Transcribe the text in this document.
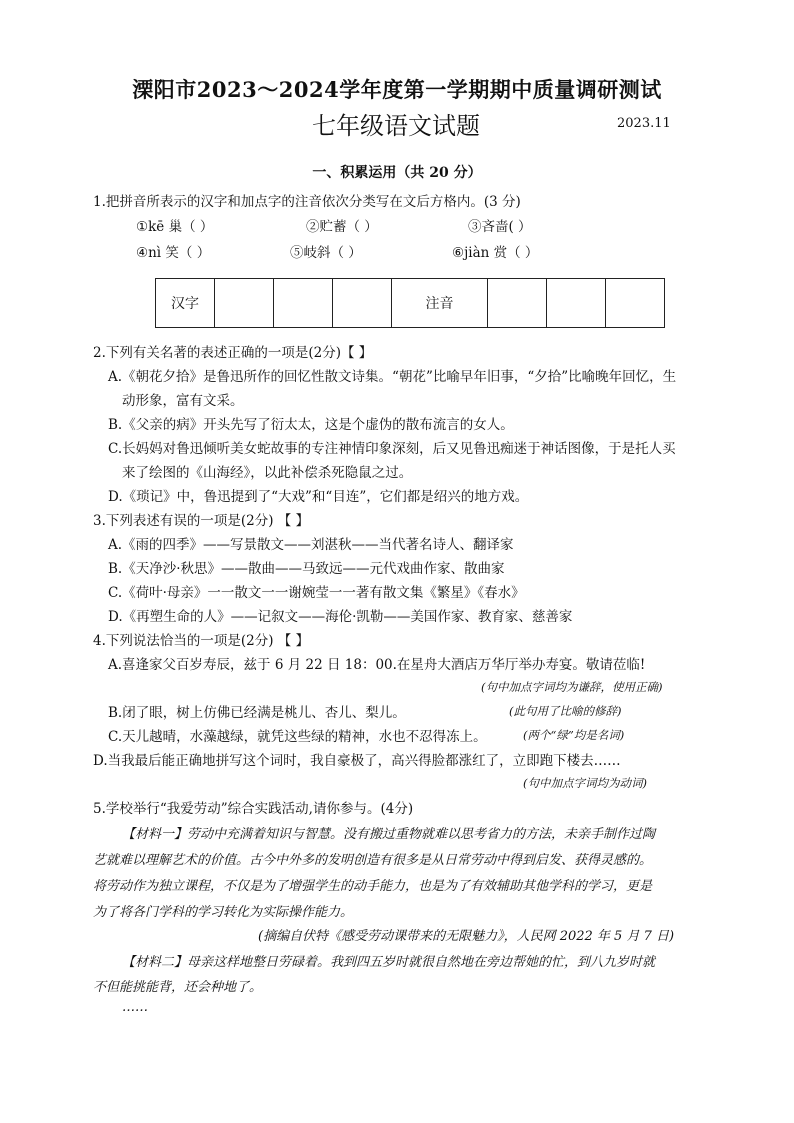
溧阳市2023～2024学年度第一学期期中质量调研测试
七年级语文试题	2023.11
一、积累运用（共 20 分）
1.把拼音所表示的汉字和加点字的注音依次分类写在文后方格内。(3 分)
①kē 巢（ ）	②贮蓄（ ）	③吝啬( ）
④nì 笑（ ）	⑤岐斜（ ）	⑥jiàn 赏（ ）
汉字				注音			
2.下列有关名著的表述正确的一项是(2分)【 】
A.《朝花夕拾》是鲁迅所作的回忆性散文诗集。“朝花”比喻早年旧事，“夕拾”比喻晚年回忆，生
动形象，富有文采。
B.《父亲的病》开头先写了衍太太，这是个虚伪的散布流言的女人。
C.长妈妈对鲁迅倾听美女蛇故事的专注神情印象深刻，后又见鲁迅痴迷于神话图像，于是托人买
来了绘图的《山海经》，以此补偿杀死隐鼠之过。
D.《琐记》中，鲁迅提到了“大戏”和“目连”，它们都是绍兴的地方戏。
3.下列表述有误的一项是(2分) 【 】
A.《雨的四季》——写景散文——刘湛秋——当代著名诗人、翻译家
B.《天净沙·秋思》——散曲——马致远——元代戏曲作家、散曲家
C.《荷叶·母亲》一一散文一一谢婉莹一一著有散文集《繁星》《春水》
D.《再塑生命的人》——记叙文——海伦·凯勒——美国作家、教育家、慈善家
4.下列说法恰当的一项是(2分) 【 】
A.喜逢家父百岁寿辰，兹于 6 月 22 日 18：00.在星舟大酒店万华厅举办寿宴。敬请莅临!
(句中加点字词均为谦辞，使用正确)
B.闭了眼，树上仿佛已经满是桃儿、杏儿、梨儿。	(此句用了比喻的修辞)
C.天儿越晴，水藻越绿，就凭这些绿的精神，水也不忍得冻上。	(两个“绿”均是名词)
D.当我最后能正确地拼写这个词时，我自豪极了，高兴得脸都涨红了，立即跑下楼去……
(句中加点字词均为动词)
5.学校举行“我爱劳动”综合实践活动,请你参与。(4分)
【材料一】劳动中充满着知识与智慧。没有搬过重物就难以思考省力的方法，未亲手制作过陶
艺就难以理解艺术的价值。古今中外多的发明创造有很多是从日常劳动中得到启发、获得灵感的。
将劳动作为独立课程，不仅是为了增强学生的动手能力，也是为了有效辅助其他学科的学习，更是
为了将各门学科的学习转化为实际操作能力。
(摘编自伏特《感受劳动课带来的无限魅力》，人民网 2022 年 5 月 7 日)
【材料二】母亲这样地整日劳碌着。我到四五岁时就很自然地在旁边帮她的忙，到八九岁时就
不但能挑能背，还会种地了。
……
